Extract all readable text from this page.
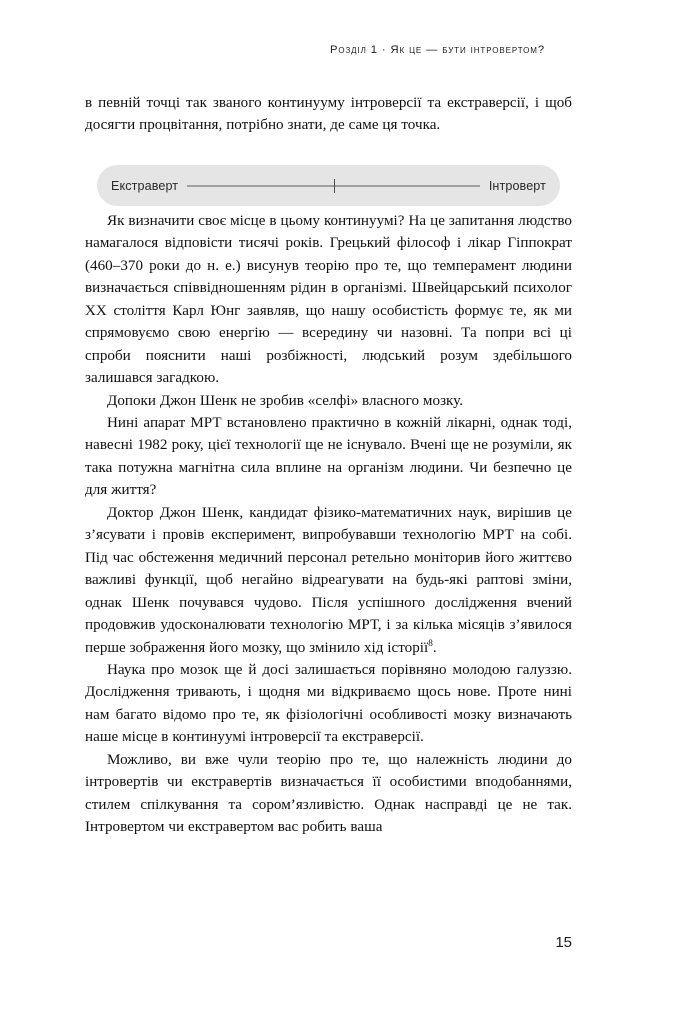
Розділ 1 · Як це — бути інтровертом?

в певній точці так званого континууму інтроверсії та екстраверсії, і щоб досягти процвітання, потрібно знати, де саме ця точка.

Як визначити своє місце в цьому континуумі? На це запитання людство намагалося відповісти тисячі років. Грецький філософ і лікар Гіппократ (460–370 роки до н. е.) висунув теорію про те, що темперамент людини визначається співвідношенням рідин в організмі. Швейцарський психолог XX століття Карл Юнг заявляв, що нашу особистість формує те, як ми спрямовуємо свою енергію — всередину чи назовні. Та попри всі ці спроби пояснити наші розбіжності, людський розум здебільшого залишався загадкою.

Допоки Джон Шенк не зробив «селфі» власного мозку.

Нині апарат МРТ встановлено практично в кожній лікарні, однак тоді, навесні 1982 року, цієї технології ще не існувало. Вчені ще не розуміли, як така потужна магнітна сила вплине на організм людини. Чи безпечно це для життя?

Доктор Джон Шенк, кандидат фізико-математичних наук, вирішив це з’ясувати і провів експеримент, випробувавши технологію МРТ на собі. Під час обстеження медичний персонал ретельно моніторив його життєво важливі функції, щоб негайно відреагувати на будь-які раптові зміни, однак Шенк почувався чудово. Після успішного дослідження вчений продовжив удосконалювати технологію МРТ, і за кілька місяців з’явилося перше зображення його мозку, що змінило хід історії$^8$.

Наука про мозок ще й досі залишається порівняно молодою галуззю. Дослідження тривають, і щодня ми відкриваємо щось нове. Проте нині нам багато відомо про те, як фізіологічні особливості мозку визначають наше місце в континуумі інтроверсії та екстраверсії.

Можливо, ви вже чули теорію про те, що належність людини до інтровертів чи екстравертів визначається її особистими вподобаннями, стилем спілкування та сором’язливістю. Однак насправді це не так. Інтровертом чи екстравертом вас робить ваша

Екстраверт	Інтроверт
15
